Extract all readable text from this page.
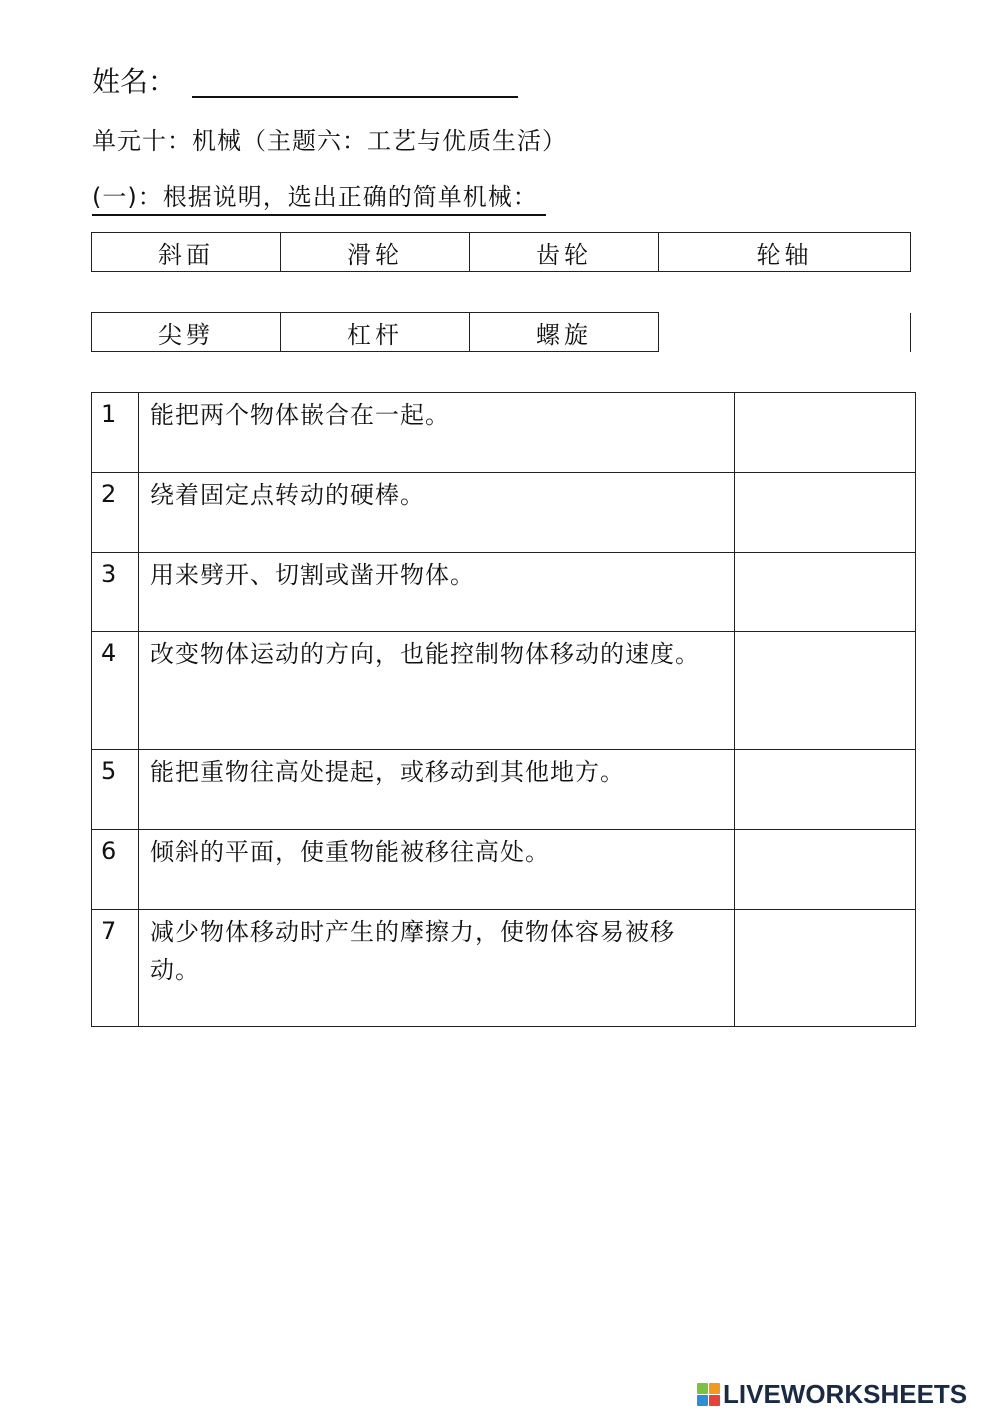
姓名：
单元十：机械（主题六：工艺与优质生活）
(一)：根据说明，选出正确的简单机械：
斜面	滑轮	齿轮	轮轴
尖劈	杠杆	螺旋	
1	能把两个物体嵌合在一起。	
2	绕着固定点转动的硬棒。	
3	用来劈开、切割或凿开物体。	
4	改变物体运动的方向，也能控制物体移动的速度。	
5	能把重物往高处提起，或移动到其他地方。	
6	倾斜的平面，使重物能被移往高处。	
7	减少物体移动时产生的摩擦力，使物体容易被移动。	
LIVEWORKSHEETS
